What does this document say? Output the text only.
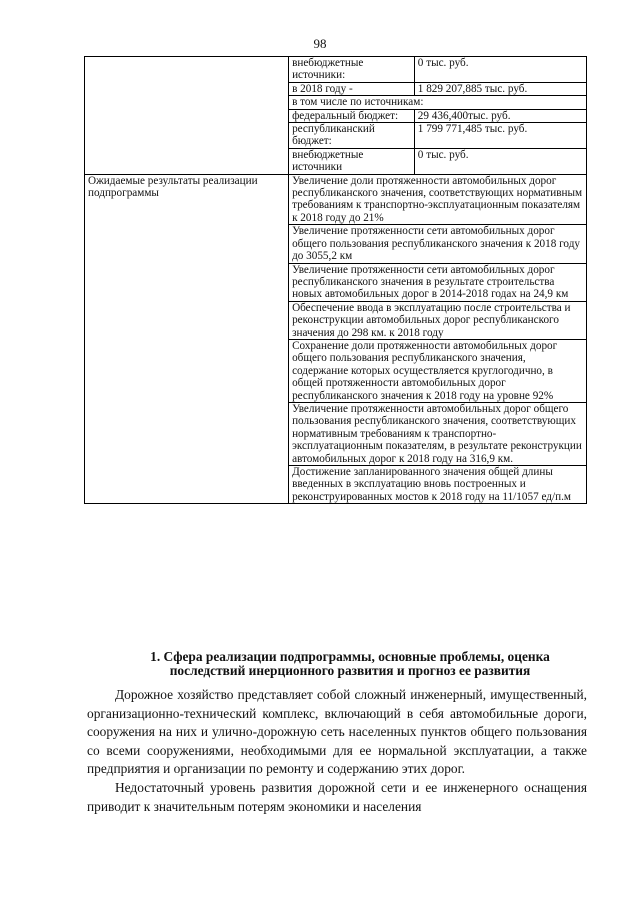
98
	внебюджетные источники:	0 тыс. руб.
	в 2018 году -	1 829 207,885 тыс. руб.
	в том числе по источникам:	
	федеральный бюджет:	29 436,400тыс. руб.
	республиканский бюджет:	1 799 771,485 тыс. руб.
	внебюджетные источники	0 тыс. руб.
Ожидаемые результаты реализации подпрограммы	Увеличение доли протяженности автомобильных дорог республиканского значения, соответствующих нормативным требованиям к транспортно-эксплуатационным показателям к 2018 году до 21%	
	Увеличение протяженности сети автомобильных дорог общего пользования республиканского значения к 2018 году до 3055,2 км	
	Увеличение протяженности сети автомобильных дорог республиканского значения в результате строительства новых автомобильных дорог в 2014-2018 годах на 24,9 км	
	Обеспечение ввода в эксплуатацию после строительства и реконструкции автомобильных дорог республиканского значения до 298 км. к 2018 году	
	Сохранение доли протяженности автомобильных дорог общего пользования республиканского значения, содержание которых осуществляется круглогодично, в общей протяженности автомобильных дорог республиканского значения к 2018 году на уровне 92%	
	Увеличение протяженности автомобильных дорог общего пользования республиканского значения, соответствующих нормативным требованиям к транспортно-эксплуатационным показателям, в результате реконструкции автомобильных дорог к 2018 году на 316,9 км.	
	Достижение запланированного значения общей длины введенных в эксплуатацию вновь построенных и реконструированных мостов к 2018 году на 11/1057 ед/п.м	
1. Сфера реализации подпрограммы, основные проблемы, оценка последствий инерционного развития и прогноз ее развития

Дорожное хозяйство представляет собой сложный инженерный, имущественный, организационно-технический комплекс, включающий в себя автомобильные дороги, сооружения на них и улично-дорожную сеть населенных пунктов общего пользования со всеми сооружениями, необходимыми для ее нормальной эксплуатации, а также предприятия и организации по ремонту и содержанию этих дорог.

Недостаточный уровень развития дорожной сети и ее инженерного оснащения приводит к значительным потерям экономики и населения
